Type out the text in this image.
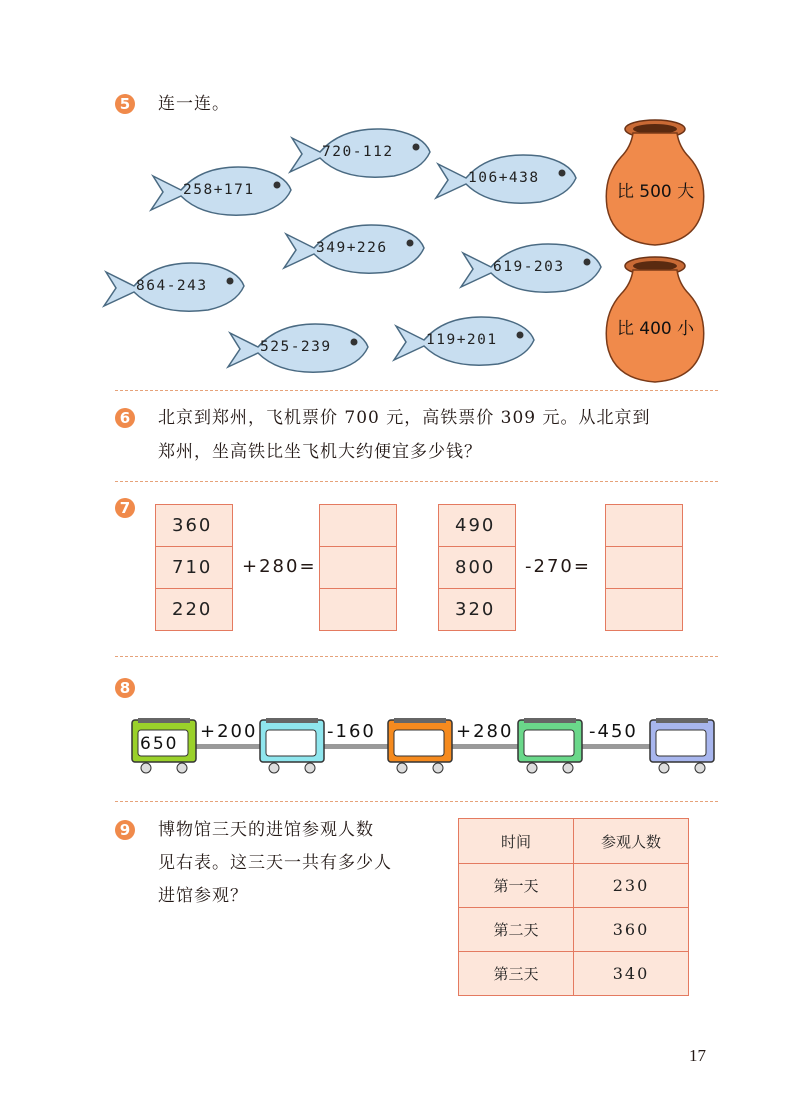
5 连一连。
720-112
258+171
106+438
349+226
864-243
619-203
525-239	119+201
比 500 大
比 400 小
6 北京到郑州，飞机票价 700 元，高铁票价 309 元。从北京到
郑州，坐高铁比坐飞机大约便宜多少钱？
7
360
710
220
+280=
490
800
320
-270=
8
650
+200	-160	+280	-450
9 博物馆三天的进馆参观人数
见右表。这三天一共有多少人
进馆参观？
时间	参观人数
第一天	230
第二天	360
第三天	340
17
